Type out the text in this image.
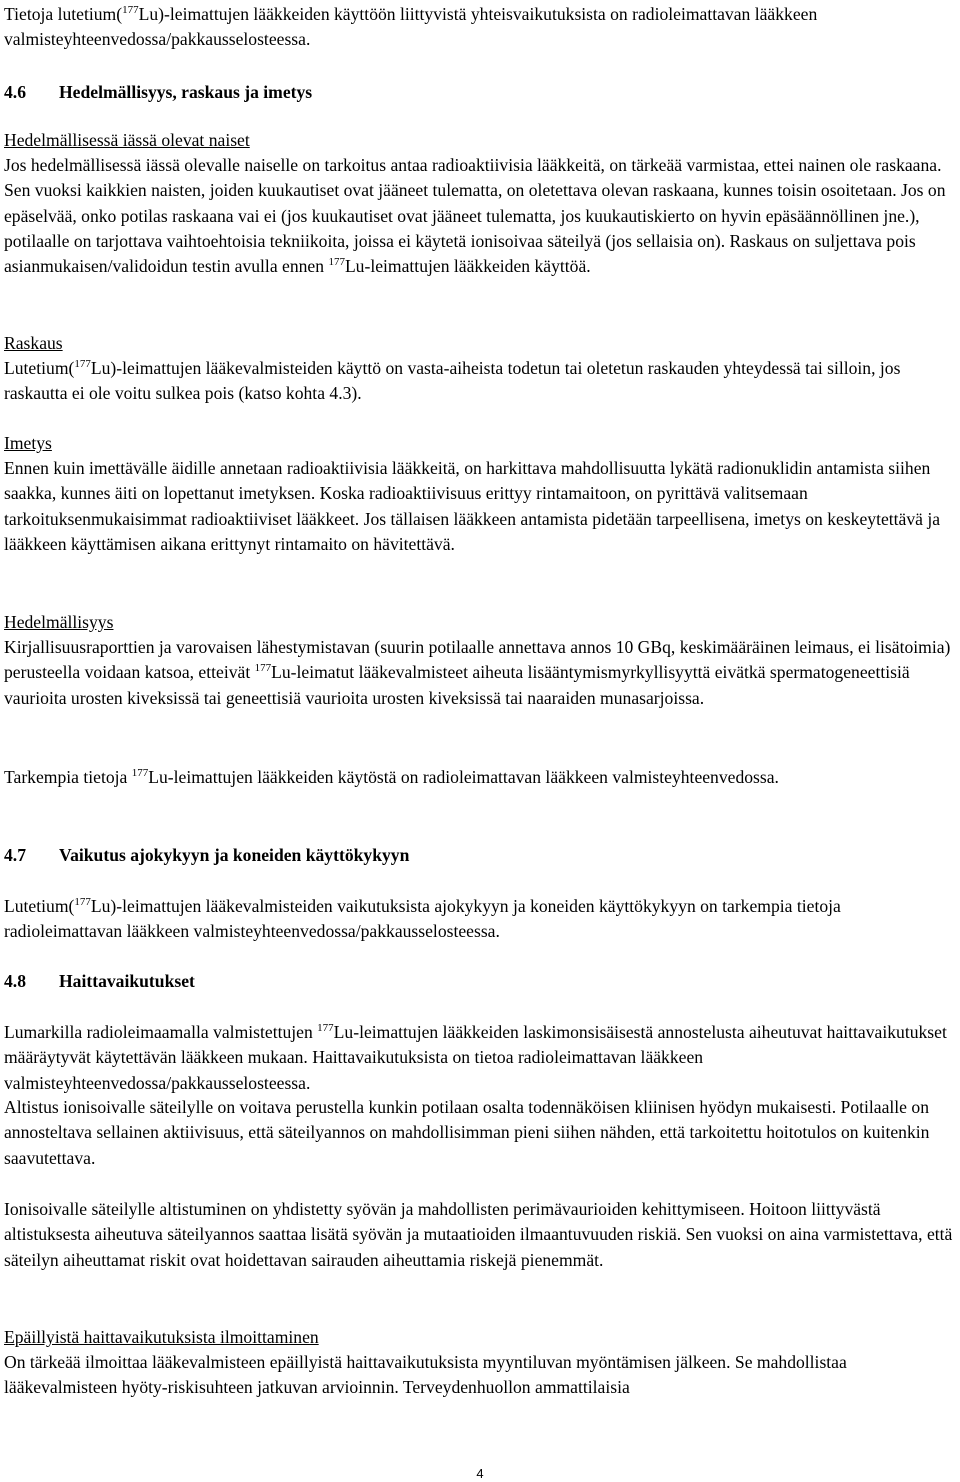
Tietoja lutetium($^{177}$Lu)-leimattujen lääkkeiden käyttöön liittyvistä yhteisvaikutuksista on radioleimattavan lääkkeen valmisteyhteenvedossa/pakkausselosteessa.

4.6 Hedelmällisyys, raskaus ja imetys

Hedelmällisessä iässä olevat naiset

Jos hedelmällisessä iässä olevalle naiselle on tarkoitus antaa radioaktiivisia lääkkeitä, on tärkeää varmistaa, ettei nainen ole raskaana. Sen vuoksi kaikkien naisten, joiden kuukautiset ovat jääneet tulematta, on oletettava olevan raskaana, kunnes toisin osoitetaan. Jos on epäselvää, onko potilas raskaana vai ei (jos kuukautiset ovat jääneet tulematta, jos kuukautiskierto on hyvin epäsäännöllinen jne.), potilaalle on tarjottava vaihtoehtoisia tekniikoita, joissa ei käytetä ionisoivaa säteilyä (jos sellaisia on). Raskaus on suljettava pois asianmukaisen/validoidun testin avulla ennen $^{177}$Lu-leimattujen lääkkeiden käyttöä.

Raskaus

Lutetium($^{177}$Lu)-leimattujen lääkevalmisteiden käyttö on vasta-aiheista todetun tai oletetun raskauden yhteydessä tai silloin, jos raskautta ei ole voitu sulkea pois (katso kohta 4.3).

Imetys

Ennen kuin imettävälle äidille annetaan radioaktiivisia lääkkeitä, on harkittava mahdollisuutta lykätä radionuklidin antamista siihen saakka, kunnes äiti on lopettanut imetyksen. Koska radioaktiivisuus erittyy rintamaitoon, on pyrittävä valitsemaan tarkoituksenmukaisimmat radioaktiiviset lääkkeet. Jos tällaisen lääkkeen antamista pidetään tarpeellisena, imetys on keskeytettävä ja lääkkeen käyttämisen aikana erittynyt rintamaito on hävitettävä.

Hedelmällisyys

Kirjallisuusraporttien ja varovaisen lähestymistavan (suurin potilaalle annettava annos 10 GBq, keskimääräinen leimaus, ei lisätoimia) perusteella voidaan katsoa, etteivät $^{177}$Lu-leimatut lääkevalmisteet aiheuta lisääntymismyrkyllisyyttä eivätkä spermatogeneettisiä vaurioita urosten kiveksissä tai geneettisiä vaurioita urosten kiveksissä tai naaraiden munasarjoissa.

Tarkempia tietoja $^{177}$Lu-leimattujen lääkkeiden käytöstä on radioleimattavan lääkkeen valmisteyhteenvedossa.

4.7 Vaikutus ajokykyyn ja koneiden käyttökykyyn

Lutetium($^{177}$Lu)-leimattujen lääkevalmisteiden vaikutuksista ajokykyyn ja koneiden käyttökykyyn on tarkempia tietoja radioleimattavan lääkkeen valmisteyhteenvedossa/pakkausselosteessa.

4.8 Haittavaikutukset

Lumarkilla radioleimaamalla valmistettujen $^{177}$Lu-leimattujen lääkkeiden laskimonsisäisestä annostelusta aiheutuvat haittavaikutukset määräytyvät käytettävän lääkkeen mukaan. Haittavaikutuksista on tietoa radioleimattavan lääkkeen valmisteyhteenvedossa/pakkausselosteessa.

Altistus ionisoivalle säteilylle on voitava perustella kunkin potilaan osalta todennäköisen kliinisen hyödyn mukaisesti. Potilaalle on annosteltava sellainen aktiivisuus, että säteilyannos on mahdollisimman pieni siihen nähden, että tarkoitettu hoitotulos on kuitenkin saavutettava.

Ionisoivalle säteilylle altistuminen on yhdistetty syövän ja mahdollisten perimävaurioiden kehittymiseen. Hoitoon liittyvästä altistuksesta aiheutuva säteilyannos saattaa lisätä syövän ja mutaatioiden ilmaantuvuuden riskiä. Sen vuoksi on aina varmistettava, että säteilyn aiheuttamat riskit ovat hoidettavan sairauden aiheuttamia riskejä pienemmät.

Epäillyistä haittavaikutuksista ilmoittaminen

On tärkeää ilmoittaa lääkevalmisteen epäillyistä haittavaikutuksista myyntiluvan myöntämisen jälkeen. Se mahdollistaa lääkevalmisteen hyöty-riskisuhteen jatkuvan arvioinnin. Terveydenhuollon ammattilaisia

4
